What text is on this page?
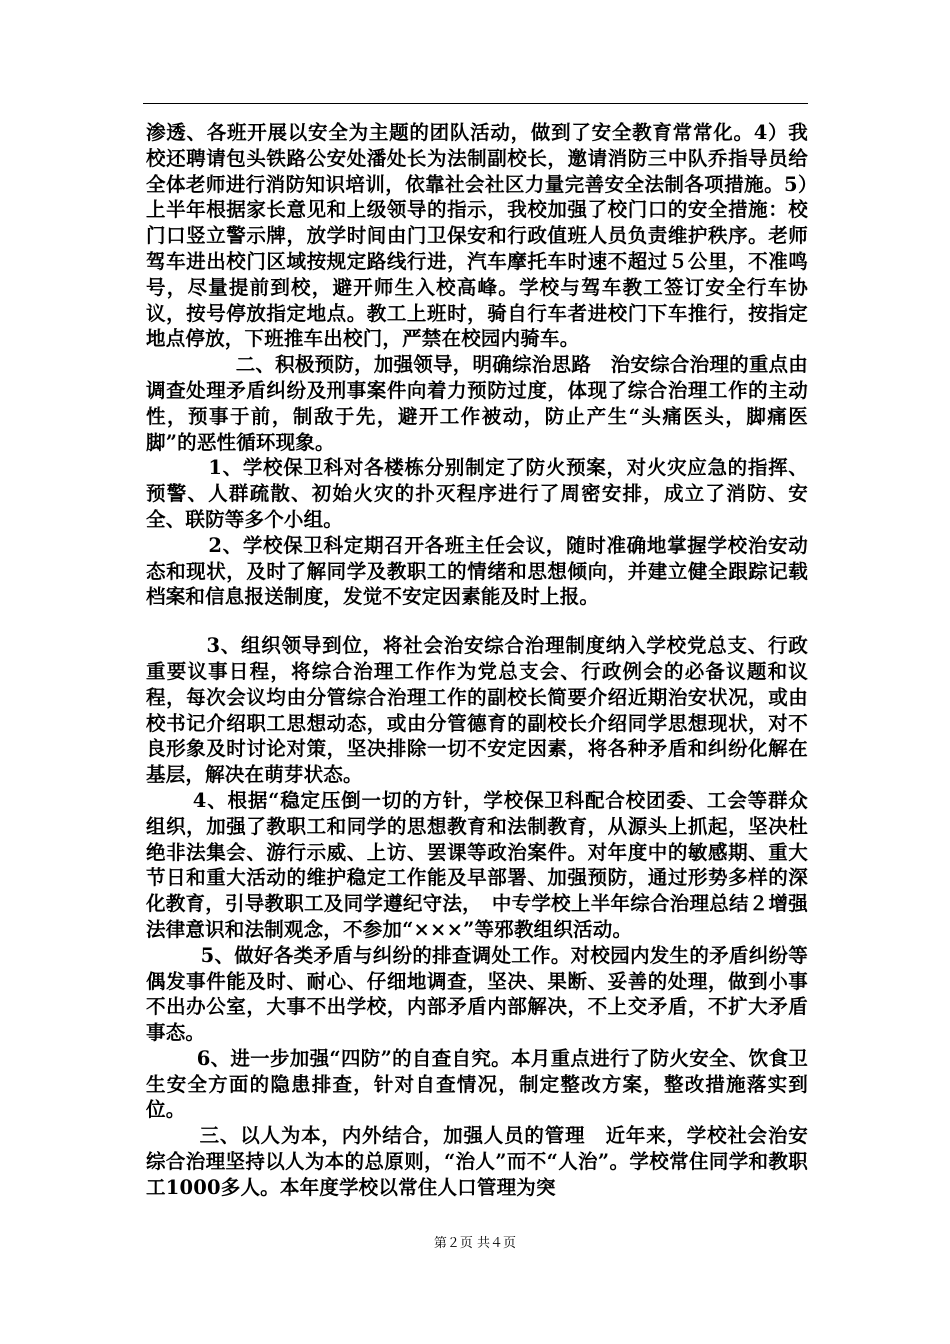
渗透、各班开展以安全为主题的团队活动，做到了安全教育常常化。4）我校还聘请包头铁路公安处潘处长为法制副校长，邀请消防三中队乔指导员给全体老师进行消防知识培训，依靠社会社区力量完善安全法制各项措施。5）上半年根据家长意见和上级领导的指示，我校加强了校门口的安全措施：校门口竖立警示牌，放学时间由门卫保安和行政值班人员负责维护秩序。老师驾车进出校门区域按规定路线行进，汽车摩托车时速不超过５公里，不准鸣号，尽量提前到校，避开师生入校高峰。学校与驾车教工签订安全行车协议，按号停放指定地点。教工上班时，骑自行车者进校门下车推行，按指定地点停放，下班推车出校门，严禁在校园内骑车。

二、积极预防，加强领导，明确综治思路　治安综合治理的重点由调查处理矛盾纠纷及刑事案件向着力预防过度，体现了综合治理工作的主动性，预事于前，制敌于先，避开工作被动，防止产生“头痛医头，脚痛医脚”的恶性循环现象。

1、学校保卫科对各楼栋分别制定了防火预案，对火灾应急的指挥、预警、人群疏散、初始火灾的扑灭程序进行了周密安排，成立了消防、安全、联防等多个小组。

2、学校保卫科定期召开各班主任会议，随时准确地掌握学校治安动态和现状，及时了解同学及教职工的情绪和思想倾向，并建立健全跟踪记载档案和信息报送制度，发觉不安定因素能及时上报。

3、组织领导到位，将社会治安综合治理制度纳入学校党总支、行政重要议事日程，将综合治理工作作为党总支会、行政例会的必备议题和议程，每次会议均由分管综合治理工作的副校长简要介绍近期治安状况，或由校书记介绍职工思想动态，或由分管德育的副校长介绍同学思想现状，对不良形象及时讨论对策，坚决排除一切不安定因素，将各种矛盾和纠纷化解在基层，解决在萌芽状态。

4、根据“稳定压倒一切的方针，学校保卫科配合校团委、工会等群众组织，加强了教职工和同学的思想教育和法制教育，从源头上抓起，坚决杜绝非法集会、游行示威、上访、罢课等政治案件。对年度中的敏感期、重大节日和重大活动的维护稳定工作能及早部署、加强预防，通过形势多样的深化教育，引导教职工及同学遵纪守法，　中专学校上半年综合治理总结２增强法律意识和法制观念，不参加“×××”等邪教组织活动。

5、做好各类矛盾与纠纷的排查调处工作。对校园内发生的矛盾纠纷等偶发事件能及时、耐心、仔细地调查，坚决、果断、妥善的处理，做到小事不出办公室，大事不出学校，内部矛盾内部解决，不上交矛盾，不扩大矛盾事态。

6、进一步加强“四防”的自查自究。本月重点进行了防火安全、饮食卫生安全方面的隐患排查，针对自查情况，制定整改方案，整改措施落实到位。

三、以人为本，内外结合，加强人员的管理　近年来，学校社会治安综合治理坚持以人为本的总原则，“治人”而不“人治”。学校常住同学和教职工1000多人。本年度学校以常住人口管理为突

第２页 共４页
